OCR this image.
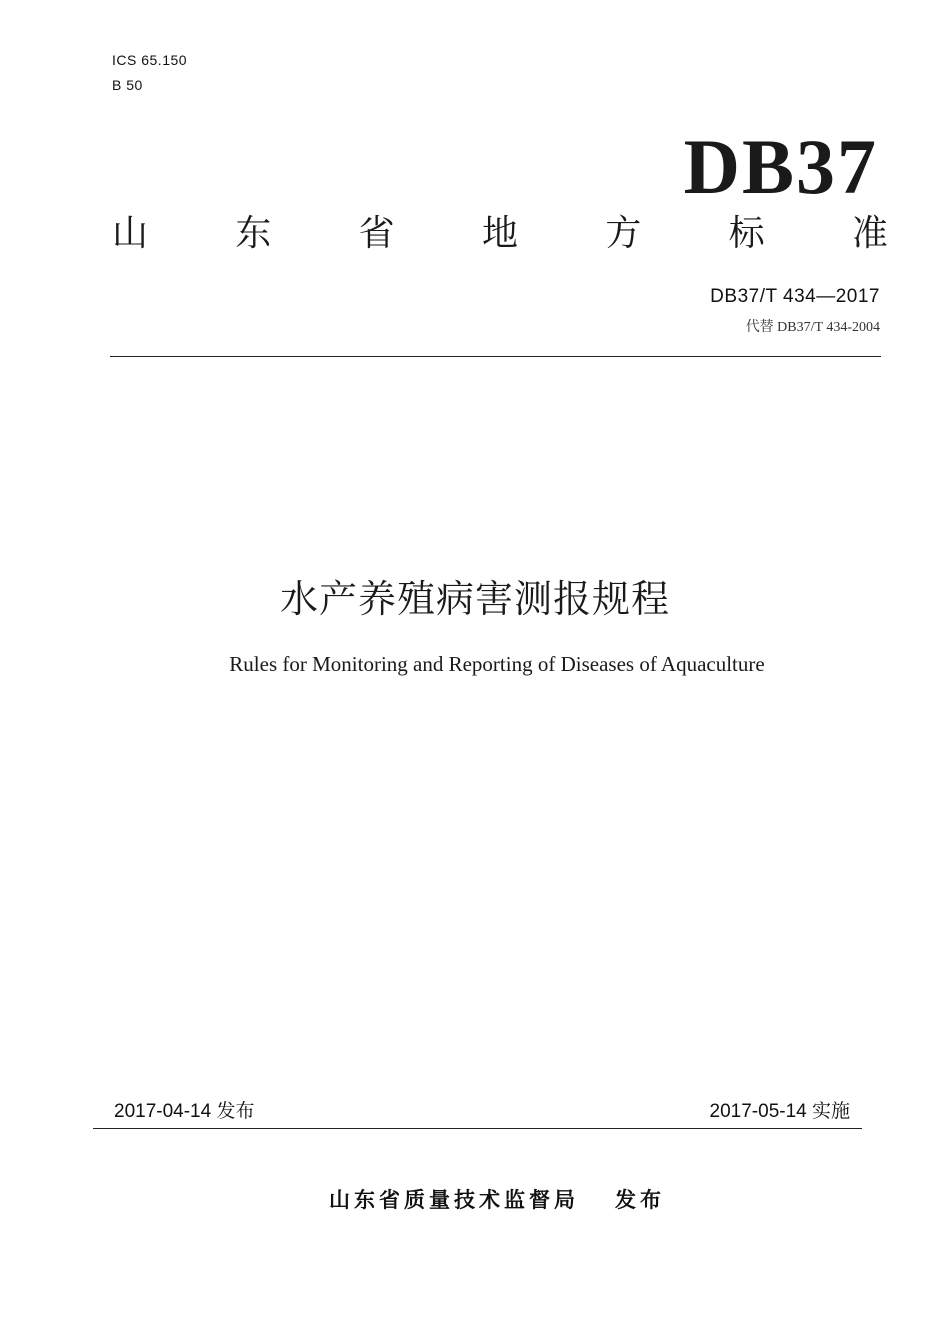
ICS 65.150
B 50
DB37
山 东 省 地 方 标 准
DB37/T 434—2017
代替 DB37/T 434-2004
水产养殖病害测报规程
Rules for Monitoring and Reporting of Diseases of Aquaculture
2017-04-14 发布	2017-05-14 实施
山东省质量技术监督局 发布
